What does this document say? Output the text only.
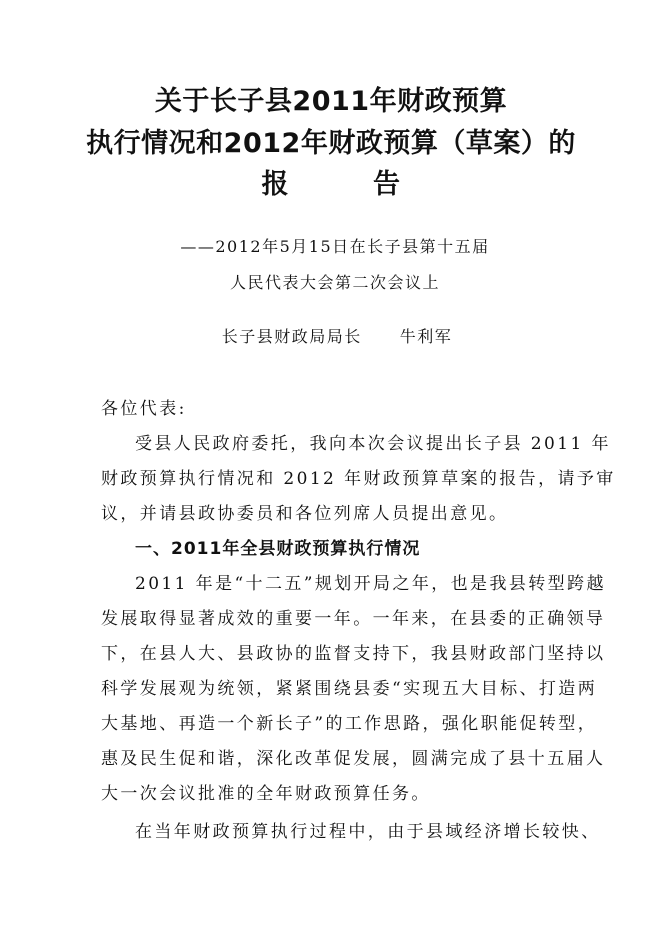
关于长子县2011年财政预算
执行情况和2012年财政预算（草案）的
报	告
——2012年5月15日在长子县第十五届
人民代表大会第二次会议上
长子县财政局局长 牛利军
各位代表:
受县人民政府委托，我向本次会议提出长子县 2011 年
财政预算执行情况和 2012 年财政预算草案的报告，请予审
议，并请县政协委员和各位列席人员提出意见。
一、2011年全县财政预算执行情况
2011 年是“十二五”规划开局之年，也是我县转型跨越
发展取得显著成效的重要一年。一年来，在县委的正确领导
下，在县人大、县政协的监督支持下，我县财政部门坚持以
科学发展观为统领，紧紧围绕县委“实现五大目标、打造两
大基地、再造一个新长子”的工作思路，强化职能促转型，
惠及民生促和谐，深化改革促发展，圆满完成了县十五届人
大一次会议批准的全年财政预算任务。
在当年财政预算执行过程中，由于县域经济增长较快、
